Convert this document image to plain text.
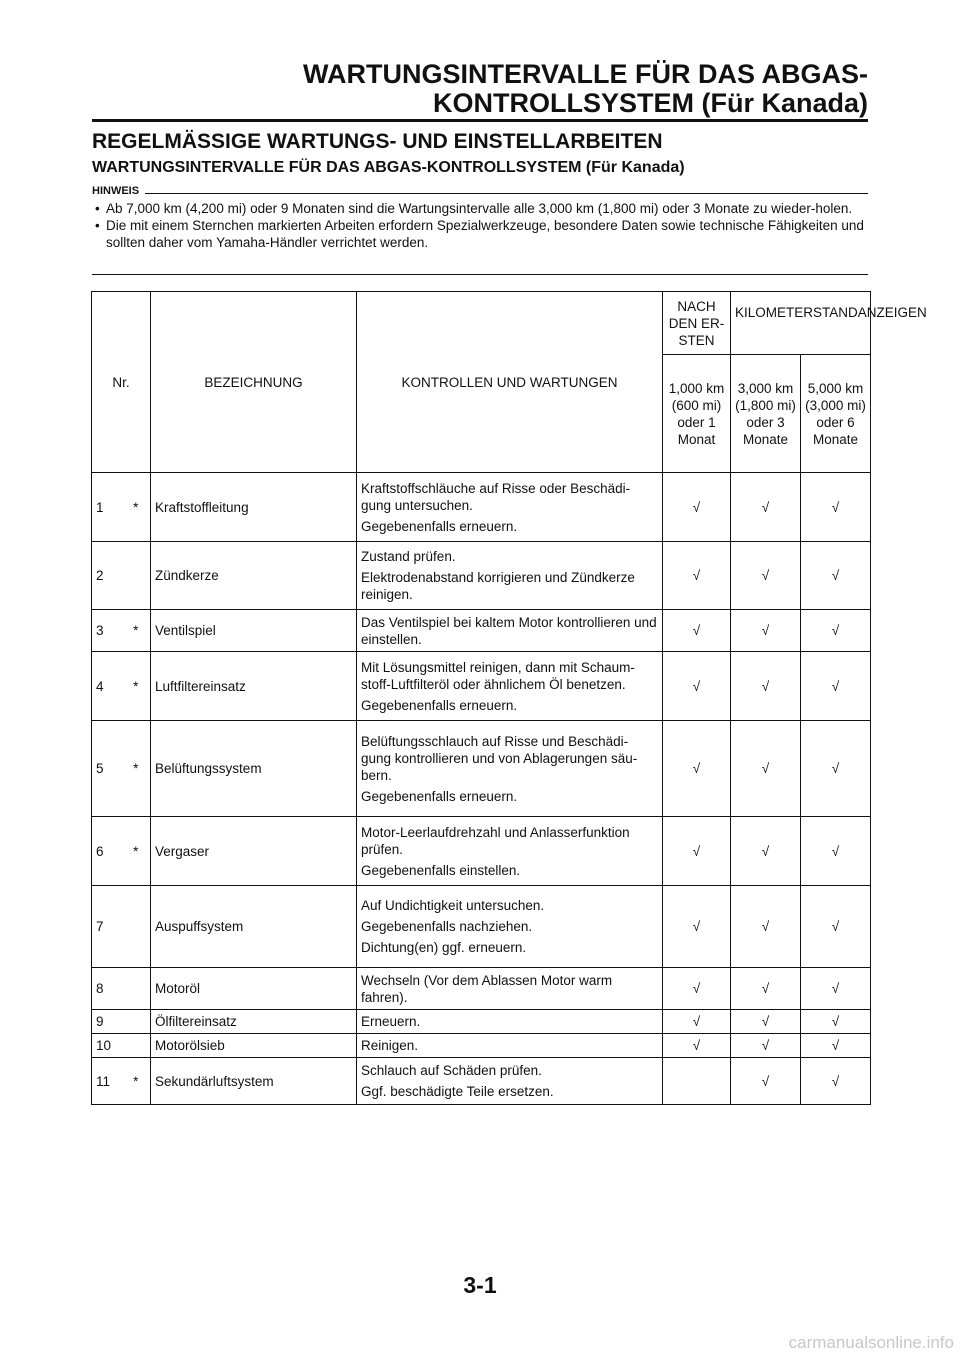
WARTUNGSINTERVALLE FÜR DAS ABGAS-
KONTROLLSYSTEM (Für Kanada)
REGELMÄSSIGE WARTUNGS- UND EINSTELLARBEITEN
WARTUNGSINTERVALLE FÜR DAS ABGAS-KONTROLLSYSTEM (Für Kanada)
HINWEIS
• Ab 7,000 km (4,200 mi) oder 9 Monaten sind die Wartungsintervalle alle 3,000 km (1,800 mi) oder 3 Monate zu wieder-holen.
• Die mit einem Sternchen markierten Arbeiten erfordern Spezialwerkzeuge, besondere Daten sowie technische Fähigkeiten und sollten daher vom Yamaha-Händler verrichtet werden.
Nr.		BEZEICHNUNG	KONTROLLEN UND WARTUNGEN	NACH DEN ER-STEN	KILOMETERSTANDANZEIGEN	
				1,000 km (600 mi) oder 1 Monat	3,000 km (1,800 mi) oder 3 Monate	5,000 km (3,000 mi) oder 6 Monate
1	*	Kraftstoffleitung	Kraftstoffschläuche auf Risse oder Beschädi-gung untersuchen.

Gegebenenfalls erneuern.	√	√	√
2		Zündkerze	Zustand prüfen.

Elektrodenabstand korrigieren und Zündkerze reinigen.	√	√	√
3	*	Ventilspiel	Das Ventilspiel bei kaltem Motor kontrollieren und einstellen.	√	√	√
4	*	Luftfiltereinsatz	Mit Lösungsmittel reinigen, dann mit Schaum-stoff-Luftfilteröl oder ähnlichem Öl benetzen.

Gegebenenfalls erneuern.	√	√	√
5	*	Belüftungssystem	Belüftungsschlauch auf Risse und Beschädi-gung kontrollieren und von Ablagerungen säu-bern.

Gegebenenfalls erneuern.	√	√	√
6	*	Vergaser	Motor-Leerlaufdrehzahl und Anlasserfunktion prüfen.

Gegebenenfalls einstellen.	√	√	√
7		Auspuffsystem	Auf Undichtigkeit untersuchen.

Gegebenenfalls nachziehen.

Dichtung(en) ggf. erneuern.	√	√	√
8		Motoröl	Wechseln (Vor dem Ablassen Motor warm fahren).	√	√	√
9		Ölfiltereinsatz	Erneuern.	√	√	√
10		Motorölsieb	Reinigen.	√	√	√
11	*	Sekundärluftsystem	Schlauch auf Schäden prüfen.

Ggf. beschädigte Teile ersetzen.		√	√

3-1

carmanualsonline.info
